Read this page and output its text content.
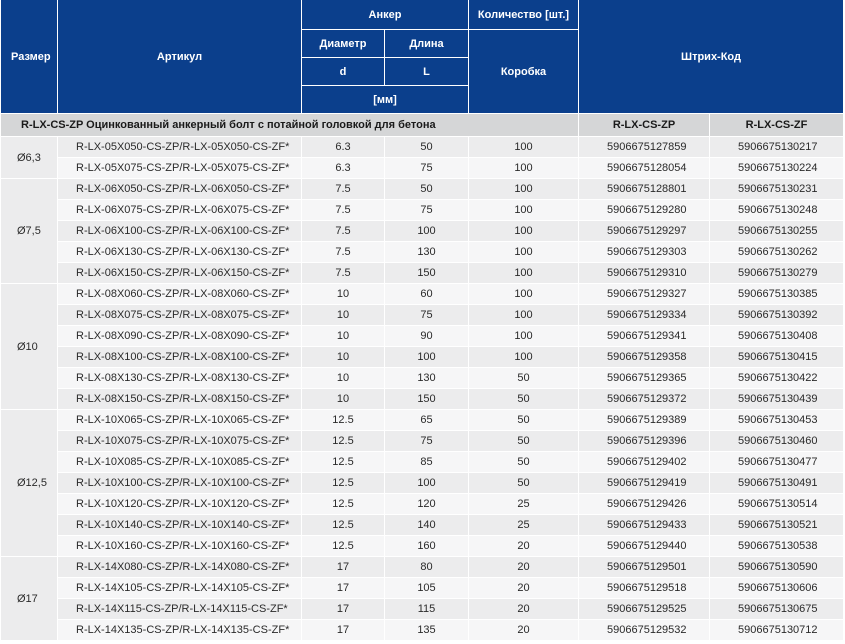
Размер	Артикул	Анкер		Количество [шт.]	Штрих-Код	
		Диаметр	Длина	Коробка		
		d	L			
		[мм]				
R-LX-CS-ZP Оцинкованный анкерный болт с потайной головкой для бетона					R-LX-CS-ZP	R-LX-CS-ZF
Ø6,3	R-LX-05X050-CS-ZP/R-LX-05X050-CS-ZF*	6.3	50	100	5906675127859	5906675130217
	R-LX-05X075-CS-ZP/R-LX-05X075-CS-ZF*	6.3	75	100	5906675128054	5906675130224
Ø7,5	R-LX-06X050-CS-ZP/R-LX-06X050-CS-ZF*	7.5	50	100	5906675128801	5906675130231
	R-LX-06X075-CS-ZP/R-LX-06X075-CS-ZF*	7.5	75	100	5906675129280	5906675130248
	R-LX-06X100-CS-ZP/R-LX-06X100-CS-ZF*	7.5	100	100	5906675129297	5906675130255
	R-LX-06X130-CS-ZP/R-LX-06X130-CS-ZF*	7.5	130	100	5906675129303	5906675130262
	R-LX-06X150-CS-ZP/R-LX-06X150-CS-ZF*	7.5	150	100	5906675129310	5906675130279
Ø10	R-LX-08X060-CS-ZP/R-LX-08X060-CS-ZF*	10	60	100	5906675129327	5906675130385
	R-LX-08X075-CS-ZP/R-LX-08X075-CS-ZF*	10	75	100	5906675129334	5906675130392
	R-LX-08X090-CS-ZP/R-LX-08X090-CS-ZF*	10	90	100	5906675129341	5906675130408
	R-LX-08X100-CS-ZP/R-LX-08X100-CS-ZF*	10	100	100	5906675129358	5906675130415
	R-LX-08X130-CS-ZP/R-LX-08X130-CS-ZF*	10	130	50	5906675129365	5906675130422
	R-LX-08X150-CS-ZP/R-LX-08X150-CS-ZF*	10	150	50	5906675129372	5906675130439
Ø12,5	R-LX-10X065-CS-ZP/R-LX-10X065-CS-ZF*	12.5	65	50	5906675129389	5906675130453
	R-LX-10X075-CS-ZP/R-LX-10X075-CS-ZF*	12.5	75	50	5906675129396	5906675130460
	R-LX-10X085-CS-ZP/R-LX-10X085-CS-ZF*	12.5	85	50	5906675129402	5906675130477
	R-LX-10X100-CS-ZP/R-LX-10X100-CS-ZF*	12.5	100	50	5906675129419	5906675130491
	R-LX-10X120-CS-ZP/R-LX-10X120-CS-ZF*	12.5	120	25	5906675129426	5906675130514
	R-LX-10X140-CS-ZP/R-LX-10X140-CS-ZF*	12.5	140	25	5906675129433	5906675130521
	R-LX-10X160-CS-ZP/R-LX-10X160-CS-ZF*	12.5	160	20	5906675129440	5906675130538
Ø17	R-LX-14X080-CS-ZP/R-LX-14X080-CS-ZF*	17	80	20	5906675129501	5906675130590
	R-LX-14X105-CS-ZP/R-LX-14X105-CS-ZF*	17	105	20	5906675129518	5906675130606
	R-LX-14X115-CS-ZP/R-LX-14X115-CS-ZF*	17	115	20	5906675129525	5906675130675
	R-LX-14X135-CS-ZP/R-LX-14X135-CS-ZF*	17	135	20	5906675129532	5906675130712
